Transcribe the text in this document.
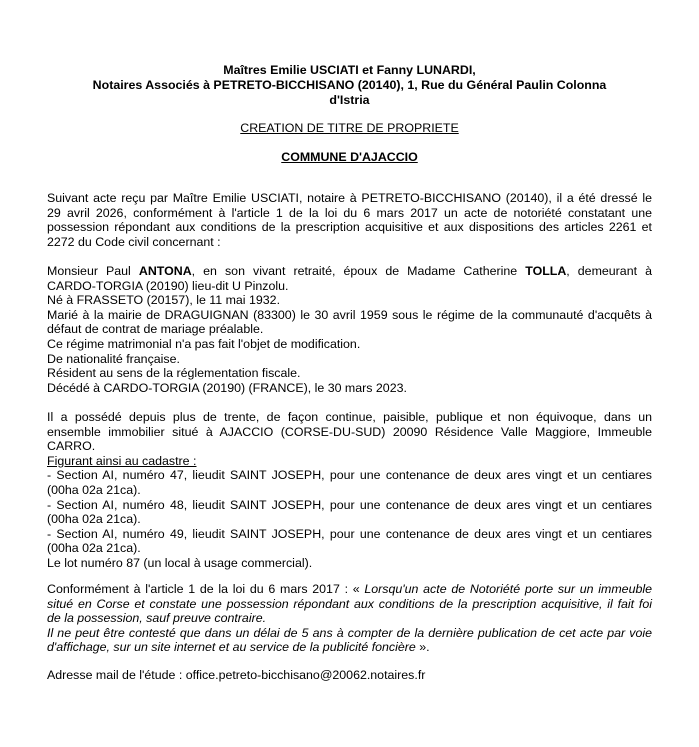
Maîtres Emilie USCIATI et Fanny LUNARDI,
Notaires Associés à PETRETO-BICCHISANO (20140), 1, Rue du Général Paulin Colonna
d'Istria
CREATION DE TITRE DE PROPRIETE
COMMUNE D'AJACCIO
Suivant acte reçu par Maître Emilie USCIATI, notaire à PETRETO-BICCHISANO (20140), il a été dressé le
29 avril 2026, conformément à l'article 1 de la loi du 6 mars 2017 un acte de notoriété constatant une
possession répondant aux conditions de la prescription acquisitive et aux dispositions des articles 2261 et
2272 du Code civil concernant :
Monsieur Paul ANTONA, en son vivant retraité, époux de Madame Catherine TOLLA, demeurant à
CARDO-TORGIA (20190) lieu-dit U Pinzolu.
Né à FRASSETO (20157), le 11 mai 1932.
Marié à la mairie de DRAGUIGNAN (83300) le 30 avril 1959 sous le régime de la communauté d'acquêts à
défaut de contrat de mariage préalable.
Ce régime matrimonial n'a pas fait l'objet de modification.
De nationalité française.
Résident au sens de la réglementation fiscale.
Décédé à CARDO-TORGIA (20190) (FRANCE), le 30 mars 2023.
Il a possédé depuis plus de trente, de façon continue, paisible, publique et non équivoque, dans un
ensemble immobilier situé à AJACCIO (CORSE-DU-SUD) 20090 Résidence Valle Maggiore, Immeuble
CARRO.
Figurant ainsi au cadastre :
- Section AI, numéro 47, lieudit SAINT JOSEPH, pour une contenance de deux ares vingt et un centiares
(00ha 02a 21ca).
- Section AI, numéro 48, lieudit SAINT JOSEPH, pour une contenance de deux ares vingt et un centiares
(00ha 02a 21ca).
- Section AI, numéro 49, lieudit SAINT JOSEPH, pour une contenance de deux ares vingt et un centiares
(00ha 02a 21ca).
Le lot numéro 87 (un local à usage commercial).
Conformément à l'article 1 de la loi du 6 mars 2017 : « Lorsqu'un acte de Notoriété porte sur un immeuble
situé en Corse et constate une possession répondant aux conditions de la prescription acquisitive, il fait foi
de la possession, sauf preuve contraire.
Il ne peut être contesté que dans un délai de 5 ans à compter de la dernière publication de cet acte par voie
d'affichage, sur un site internet et au service de la publicité foncière ».
Adresse mail de l'étude : office.petreto-bicchisano@20062.notaires.fr
